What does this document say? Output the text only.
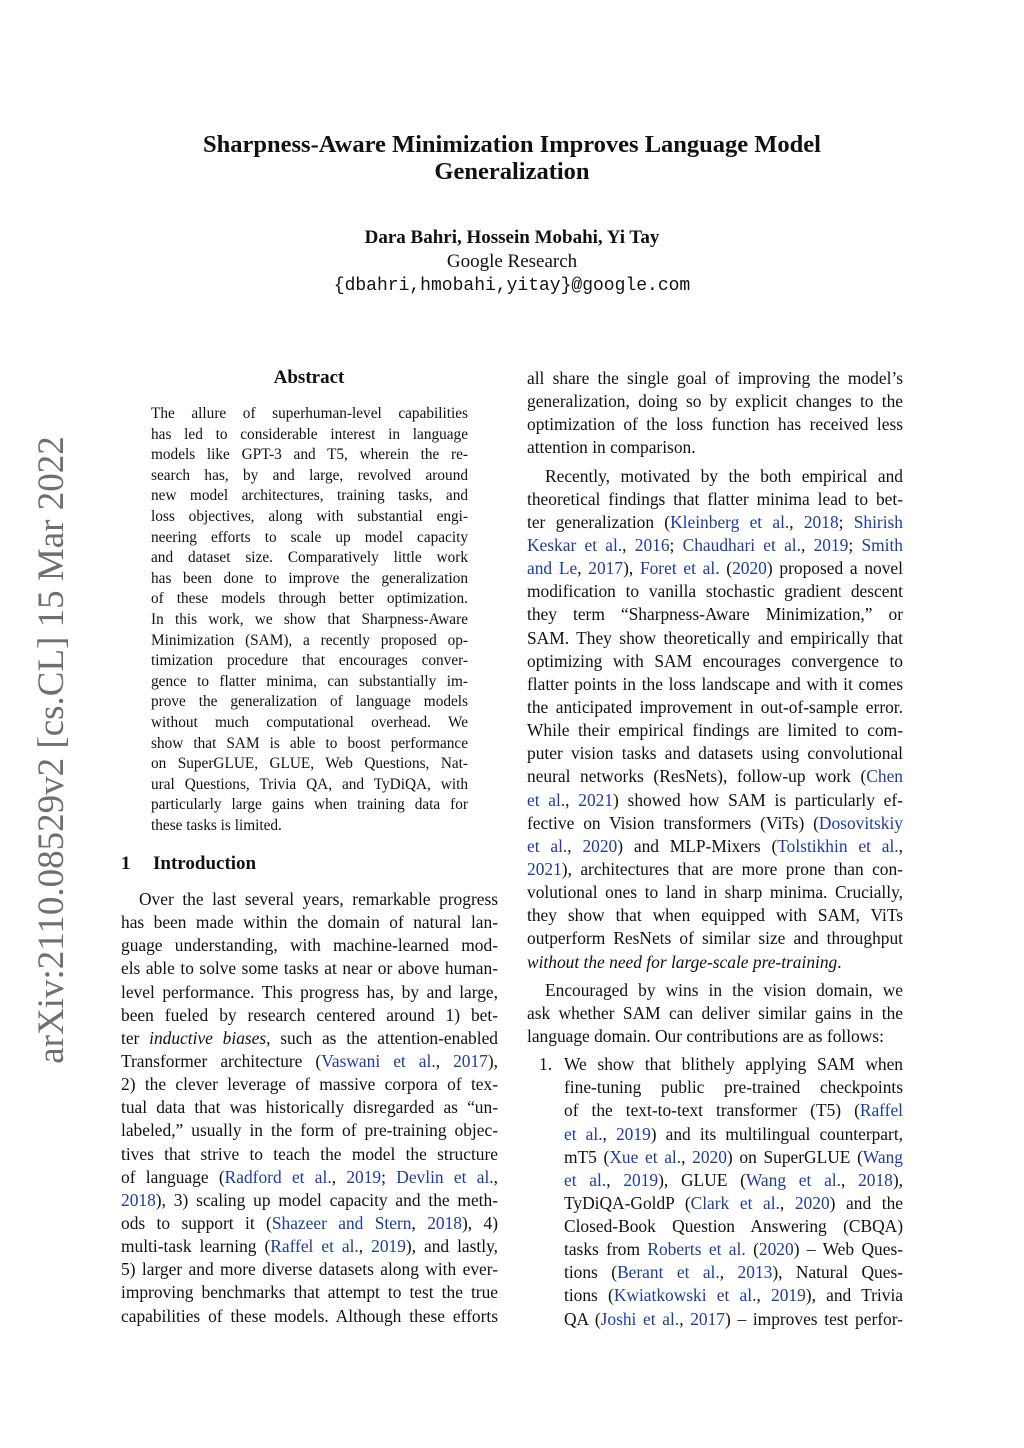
arXiv:2110.08529v2 [cs.CL] 15 Mar 2022
Sharpness-Aware Minimization Improves Language Model
Generalization
Dara Bahri, Hossein Mobahi, Yi Tay
Google Research
{dbahri,hmobahi,yitay}@google.com
Abstract
The allure of superhuman-level capabilities
has led to considerable interest in language
models like GPT-3 and T5, wherein the re-
search has, by and large, revolved around
new model architectures, training tasks, and
loss objectives, along with substantial engi-
neering efforts to scale up model capacity
and dataset size. Comparatively little work
has been done to improve the generalization
of these models through better optimization.
In this work, we show that Sharpness-Aware
Minimization (SAM), a recently proposed op-
timization procedure that encourages conver-
gence to flatter minima, can substantially im-
prove the generalization of language models
without much computational overhead. We
show that SAM is able to boost performance
on SuperGLUE, GLUE, Web Questions, Nat-
ural Questions, Trivia QA, and TyDiQA, with
particularly large gains when training data for
these tasks is limited.
1 Introduction
Over the last several years, remarkable progress
has been made within the domain of natural lan-
guage understanding, with machine-learned mod-
els able to solve some tasks at near or above human-
level performance. This progress has, by and large,
been fueled by research centered around 1) bet-
ter inductive biases, such as the attention-enabled
Transformer architecture (Vaswani et al., 2017),
2) the clever leverage of massive corpora of tex-
tual data that was historically disregarded as “un-
labeled,” usually in the form of pre-training objec-
tives that strive to teach the model the structure
of language (Radford et al., 2019; Devlin et al.,
2018), 3) scaling up model capacity and the meth-
ods to support it (Shazeer and Stern, 2018), 4)
multi-task learning (Raffel et al., 2019), and lastly,
5) larger and more diverse datasets along with ever-
improving benchmarks that attempt to test the true
capabilities of these models. Although these efforts
all share the single goal of improving the model’s
generalization, doing so by explicit changes to the
optimization of the loss function has received less
attention in comparison.
Recently, motivated by the both empirical and
theoretical findings that flatter minima lead to bet-
ter generalization (Kleinberg et al., 2018; Shirish
Keskar et al., 2016; Chaudhari et al., 2019; Smith
and Le, 2017), Foret et al. (2020) proposed a novel
modification to vanilla stochastic gradient descent
they term “Sharpness-Aware Minimization,” or
SAM. They show theoretically and empirically that
optimizing with SAM encourages convergence to
flatter points in the loss landscape and with it comes
the anticipated improvement in out-of-sample error.
While their empirical findings are limited to com-
puter vision tasks and datasets using convolutional
neural networks (ResNets), follow-up work (Chen
et al., 2021) showed how SAM is particularly ef-
fective on Vision transformers (ViTs) (Dosovitskiy
et al., 2020) and MLP-Mixers (Tolstikhin et al.,
2021), architectures that are more prone than con-
volutional ones to land in sharp minima. Crucially,
they show that when equipped with SAM, ViTs
outperform ResNets of similar size and throughput
without the need for large-scale pre-training.
Encouraged by wins in the vision domain, we
ask whether SAM can deliver similar gains in the
language domain. Our contributions are as follows:
1. We show that blithely applying SAM when
fine-tuning public pre-trained checkpoints
of the text-to-text transformer (T5) (Raffel
et al., 2019) and its multilingual counterpart,
mT5 (Xue et al., 2020) on SuperGLUE (Wang
et al., 2019), GLUE (Wang et al., 2018),
TyDiQA-GoldP (Clark et al., 2020) and the
Closed-Book Question Answering (CBQA)
tasks from Roberts et al. (2020) – Web Ques-
tions (Berant et al., 2013), Natural Ques-
tions (Kwiatkowski et al., 2019), and Trivia
QA (Joshi et al., 2017) – improves test perfor-
